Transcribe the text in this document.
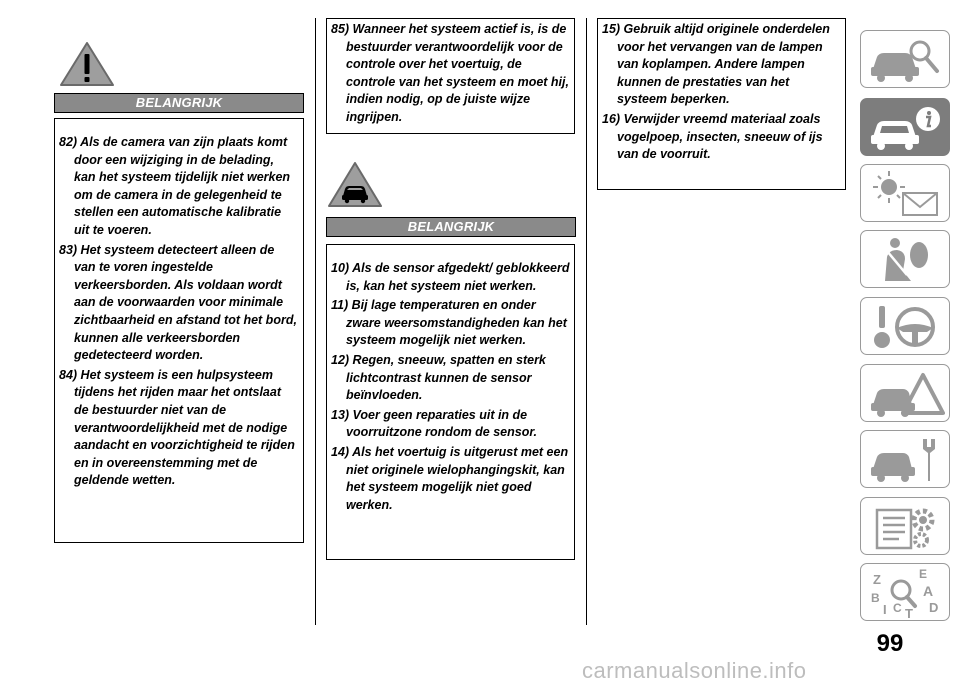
BELANGRIJK

82) Als de camera van zijn plaats komt door een wijziging in de belading, kan het systeem tijdelijk niet werken om de camera in de gelegenheid te stellen een automatische kalibratie uit te voeren.

83) Het systeem detecteert alleen de van te voren ingestelde verkeersborden. Als voldaan wordt aan de voorwaarden voor minimale zichtbaarheid en afstand tot het bord, kunnen alle verkeersborden gedetecteerd worden.

84) Het systeem is een hulpsysteem tijdens het rijden maar het ontslaat de bestuurder niet van de verantwoordelijkheid met de nodige aandacht en voorzichtigheid te rijden en in overeenstemming met de geldende wetten.

85) Wanneer het systeem actief is, is de bestuurder verantwoordelijk voor de controle over het voertuig, de controle van het systeem en moet hij, indien nodig, op de juiste wijze ingrijpen.

BELANGRIJK

10) Als de sensor afgedekt/ geblokkeerd is, kan het systeem niet werken.

11) Bij lage temperaturen en onder zware weersomstandigheden kan het systeem mogelijk niet werken.

12) Regen, sneeuw, spatten en sterk lichtcontrast kunnen de sensor beïnvloeden.

13) Voer geen reparaties uit in de voorruitzone rondom de sensor.

14) Als het voertuig is uitgerust met een niet originele wielophangingskit, kan het systeem mogelijk niet goed werken.

15) Gebruik altijd originele onderdelen voor het vervangen van de lampen van koplampen. Andere lampen kunnen de prestaties van het systeem beperken.

16) Verwijder vreemd materiaal zoals vogelpoep, insecten, sneeuw of ijs van de voorruit.

Z	E
B	A
I C T D
99
carmanualsonline.info
